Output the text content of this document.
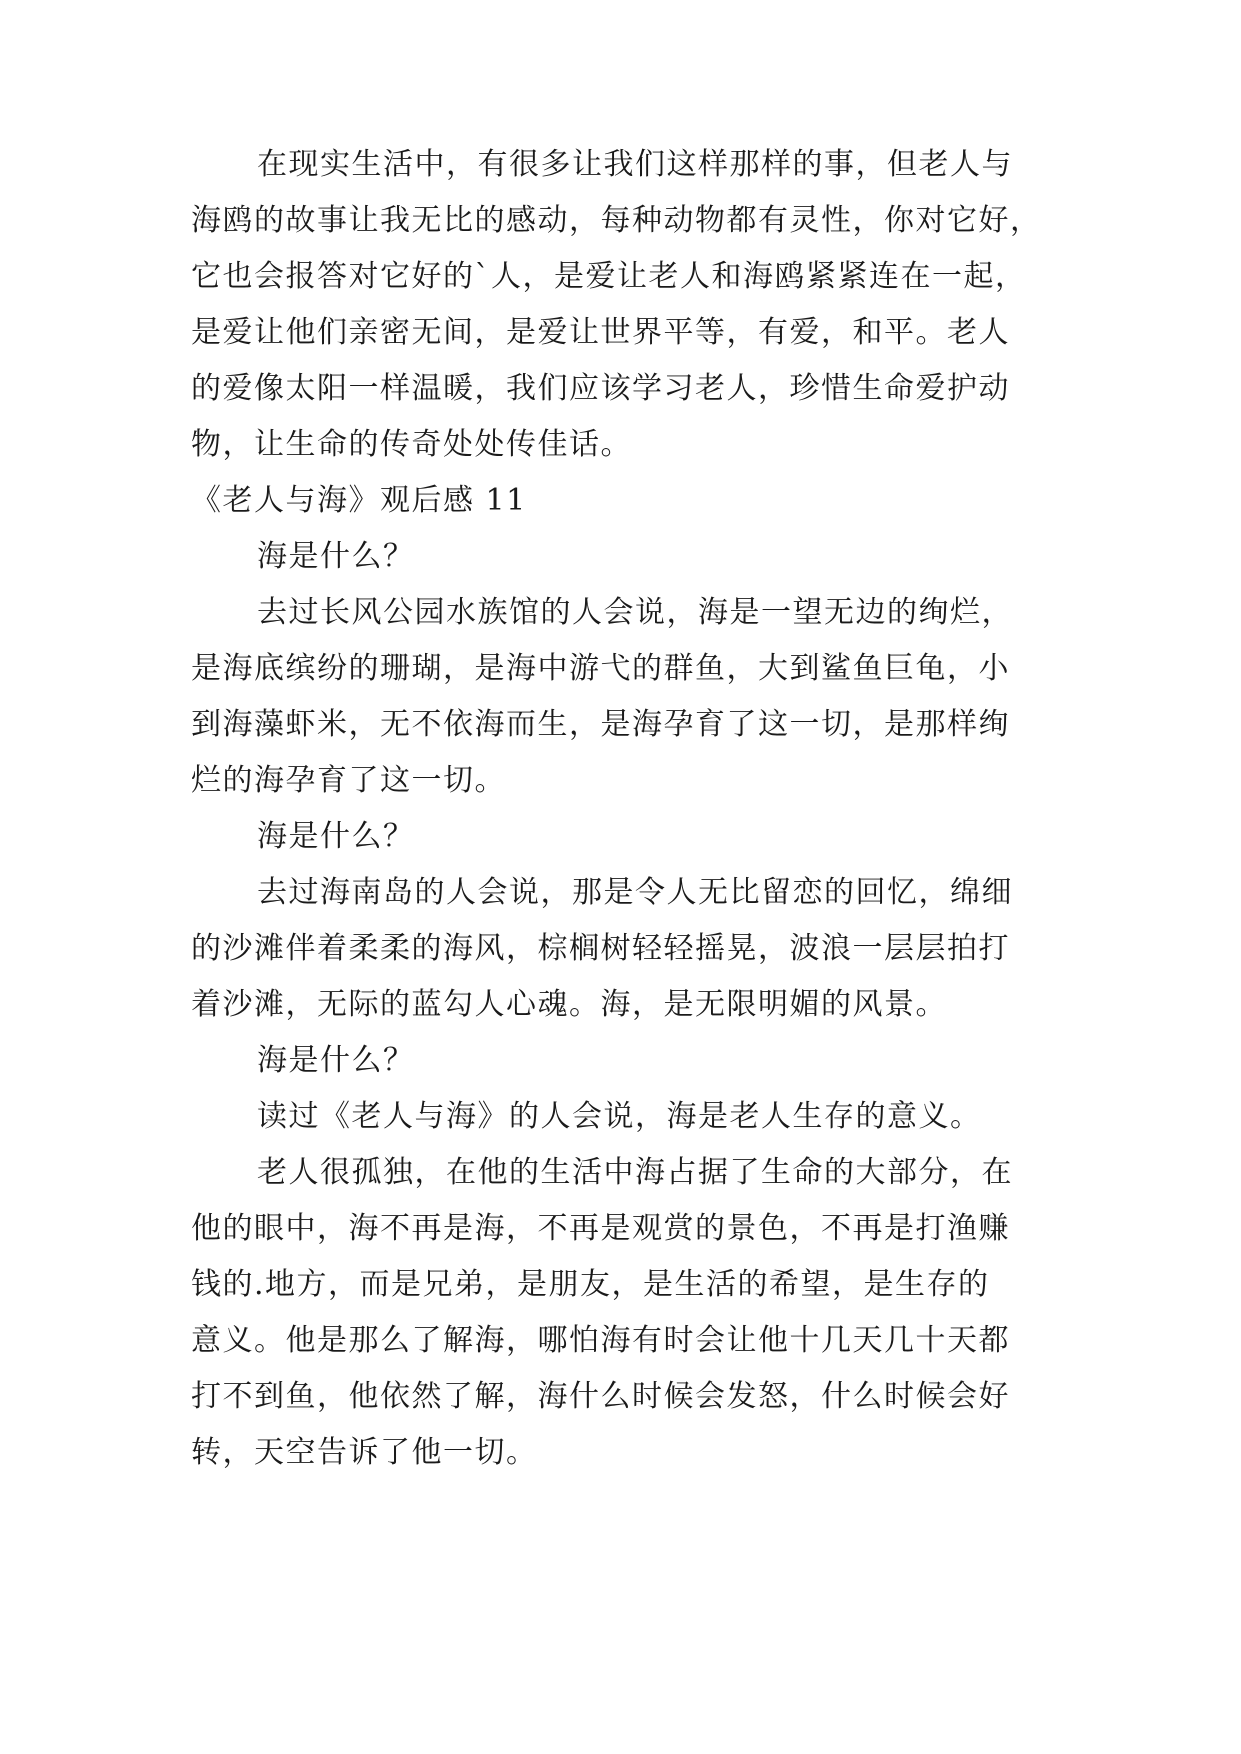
在现实生活中，有很多让我们这样那样的事，但老人与
海鸥的故事让我无比的感动，每种动物都有灵性，你对它好，
它也会报答对它好的`人，是爱让老人和海鸥紧紧连在一起，
是爱让他们亲密无间，是爱让世界平等，有爱，和平。老人
的爱像太阳一样温暖，我们应该学习老人，珍惜生命爱护动
物，让生命的传奇处处传佳话。
《老人与海》观后感 11
海是什么？
去过长风公园水族馆的人会说，海是一望无边的绚烂，
是海底缤纷的珊瑚，是海中游弋的群鱼，大到鲨鱼巨龟，小
到海藻虾米，无不依海而生，是海孕育了这一切，是那样绚
烂的海孕育了这一切。
海是什么？
去过海南岛的人会说，那是令人无比留恋的回忆，绵细
的沙滩伴着柔柔的海风，棕榈树轻轻摇晃，波浪一层层拍打
着沙滩，无际的蓝勾人心魂。海，是无限明媚的风景。
海是什么？
读过《老人与海》的人会说，海是老人生存的意义。
老人很孤独，在他的生活中海占据了生命的大部分，在
他的眼中，海不再是海，不再是观赏的景色，不再是打渔赚
钱的.地方，而是兄弟，是朋友，是生活的希望，是生存的
意义。他是那么了解海，哪怕海有时会让他十几天几十天都
打不到鱼，他依然了解，海什么时候会发怒，什么时候会好
转，天空告诉了他一切。
